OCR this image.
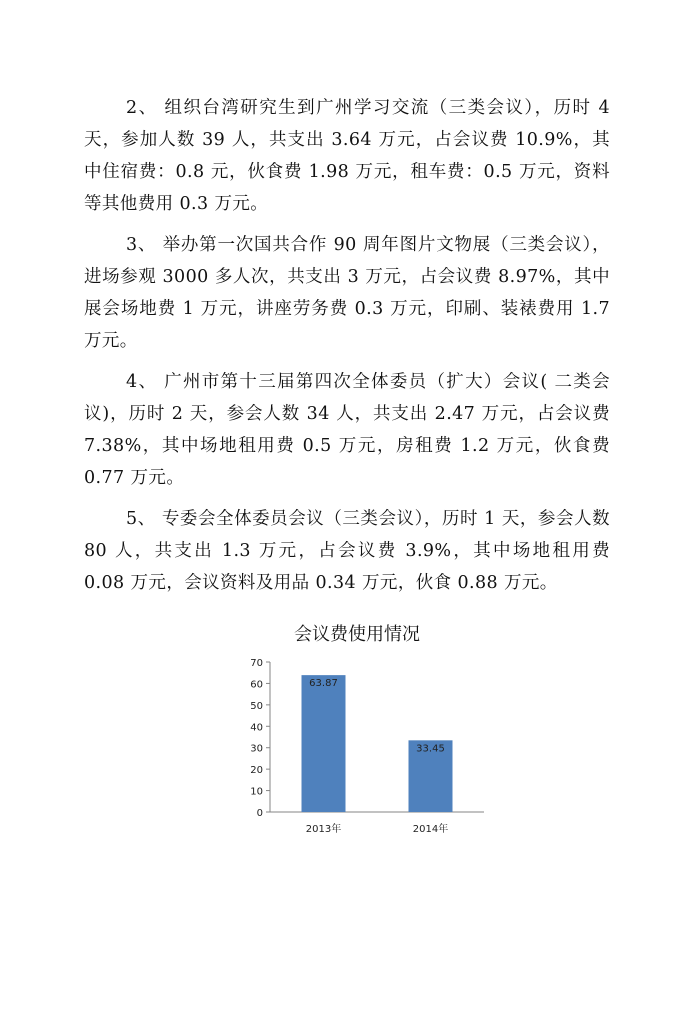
2、 组织台湾研究生到广州学习交流（三类会议），历时 4 天，参加人数 39 人，共支出 3.64 万元，占会议费 10.9%，其中住宿费：0.8 元，伙食费 1.98 万元，租车费：0.5 万元，资料等其他费用 0.3 万元。

3、 举办第一次国共合作 90 周年图片文物展（三类会议），进场参观 3000 多人次，共支出 3 万元，占会议费 8.97%，其中展会场地费 1 万元，讲座劳务费 0.3 万元，印刷、装裱费用 1.7 万元。

4、 广州市第十三届第四次全体委员（扩大）会议( 二类会议)，历时 2 天，参会人数 34 人，共支出 2.47 万元，占会议费 7.38%，其中场地租用费 0.5 万元，房租费 1.2 万元，伙食费 0.77 万元。

5、 专委会全体委员会议（三类会议），历时 1 天，参会人数 80 人，共支出 1.3 万元，占会议费 3.9%，其中场地租用费 0.08 万元，会议资料及用品 0.34 万元，伙食 0.88 万元。

会议费使用情况
0
10
20
30
40
50
60
70
63.87
2013年
33.45
2014年
